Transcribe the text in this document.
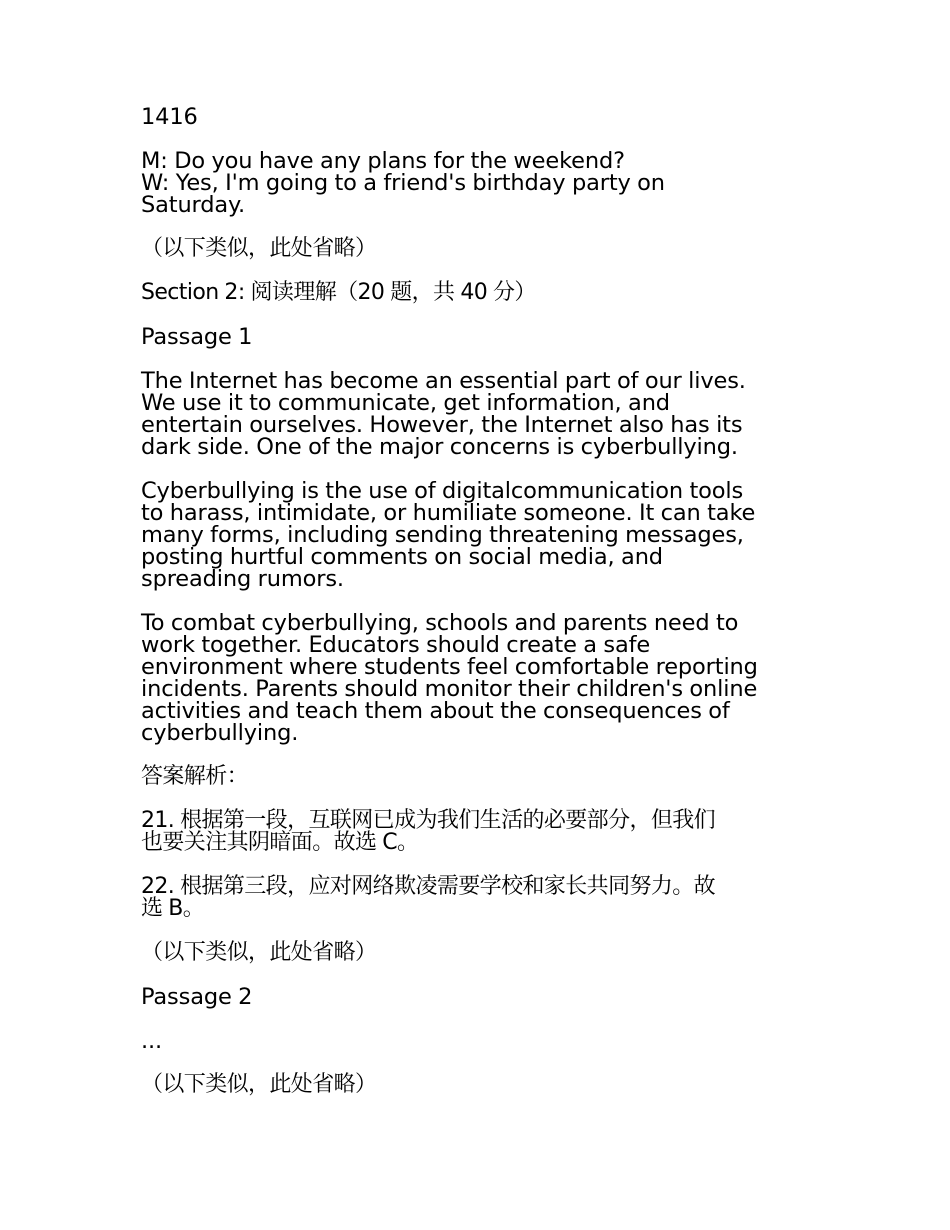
1416
M: Do you have any plans for the weekend?
W: Yes, I'm going to a friend's birthday party on
Saturday.
（以下类似，此处省略）
Section 2: 阅读理解（20 题，共 40 分）
Passage 1
The Internet has become an essential part of our lives.
We use it to communicate, get information, and
entertain ourselves. However, the Internet also has its
dark side. One of the major concerns is cyberbullying.
Cyberbullying is the use of digitalcommunication tools
to harass, intimidate, or humiliate someone. It can take
many forms, including sending threatening messages,
posting hurtful comments on social media, and
spreading rumors.
To combat cyberbullying, schools and parents need to
work together. Educators should create a safe
environment where students feel comfortable reporting
incidents. Parents should monitor their children's online
activities and teach them about the consequences of
cyberbullying.
答案解析：
21. 根据第一段，互联网已成为我们生活的必要部分，但我们
也要关注其阴暗面。故选 C。
22. 根据第三段，应对网络欺凌需要学校和家长共同努力。故
选 B。
（以下类似，此处省略）
Passage 2
...
（以下类似，此处省略）
